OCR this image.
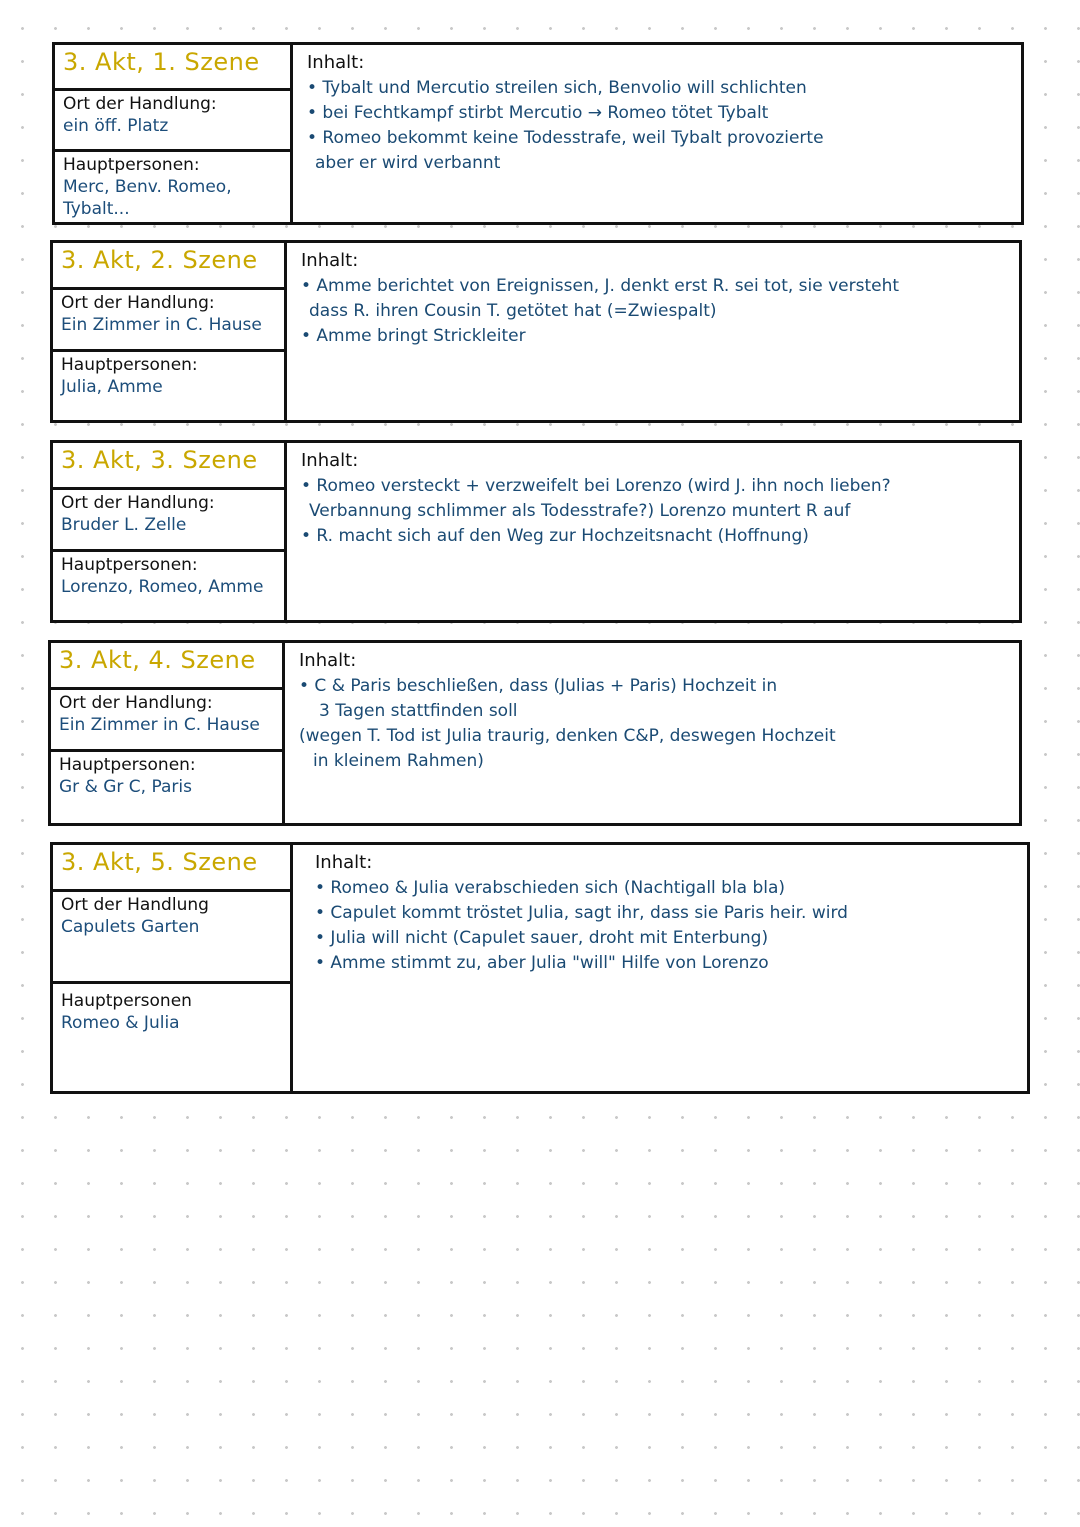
3. Akt, 1. Szene
Ort der Handlung:
ein öff. Platz
Hauptpersonen:
Merc, Benv. Romeo, Tybalt...
Inhalt:
• Tybalt und Mercutio streilen sich, Benvolio will schlichten
• bei Fechtkampf stirbt Mercutio → Romeo tötet Tybalt
• Romeo bekommt keine Todesstrafe, weil Tybalt provozierte
aber er wird verbannt
3. Akt, 2. Szene
Ort der Handlung:
Ein Zimmer in C. Hause
Hauptpersonen:
Julia, Amme
Inhalt:
• Amme berichtet von Ereignissen, J. denkt erst R. sei tot, sie versteht
dass R. ihren Cousin T. getötet hat (=Zwiespalt)
• Amme bringt Strickleiter
3. Akt, 3. Szene
Ort der Handlung:
Bruder L. Zelle
Hauptpersonen:
Lorenzo, Romeo, Amme
Inhalt:
• Romeo versteckt + verzweifelt bei Lorenzo (wird J. ihn noch lieben?
Verbannung schlimmer als Todesstrafe?) Lorenzo muntert R auf
• R. macht sich auf den Weg zur Hochzeitsnacht (Hoffnung)
3. Akt, 4. Szene
Ort der Handlung:
Ein Zimmer in C. Hause
Hauptpersonen:
Gr & Gr C, Paris
Inhalt:
• C & Paris beschließen, dass (Julias + Paris) Hochzeit in
3 Tagen stattfinden soll
(wegen T. Tod ist Julia traurig, denken C&P, deswegen Hochzeit
in kleinem Rahmen)
3. Akt, 5. Szene
Ort der Handlung
Capulets Garten
Hauptpersonen
Romeo & Julia
Inhalt:
• Romeo & Julia verabschieden sich (Nachtigall bla bla)
• Capulet kommt tröstet Julia, sagt ihr, dass sie Paris heir. wird
• Julia will nicht (Capulet sauer, droht mit Enterbung)
• Amme stimmt zu, aber Julia "will" Hilfe von Lorenzo
